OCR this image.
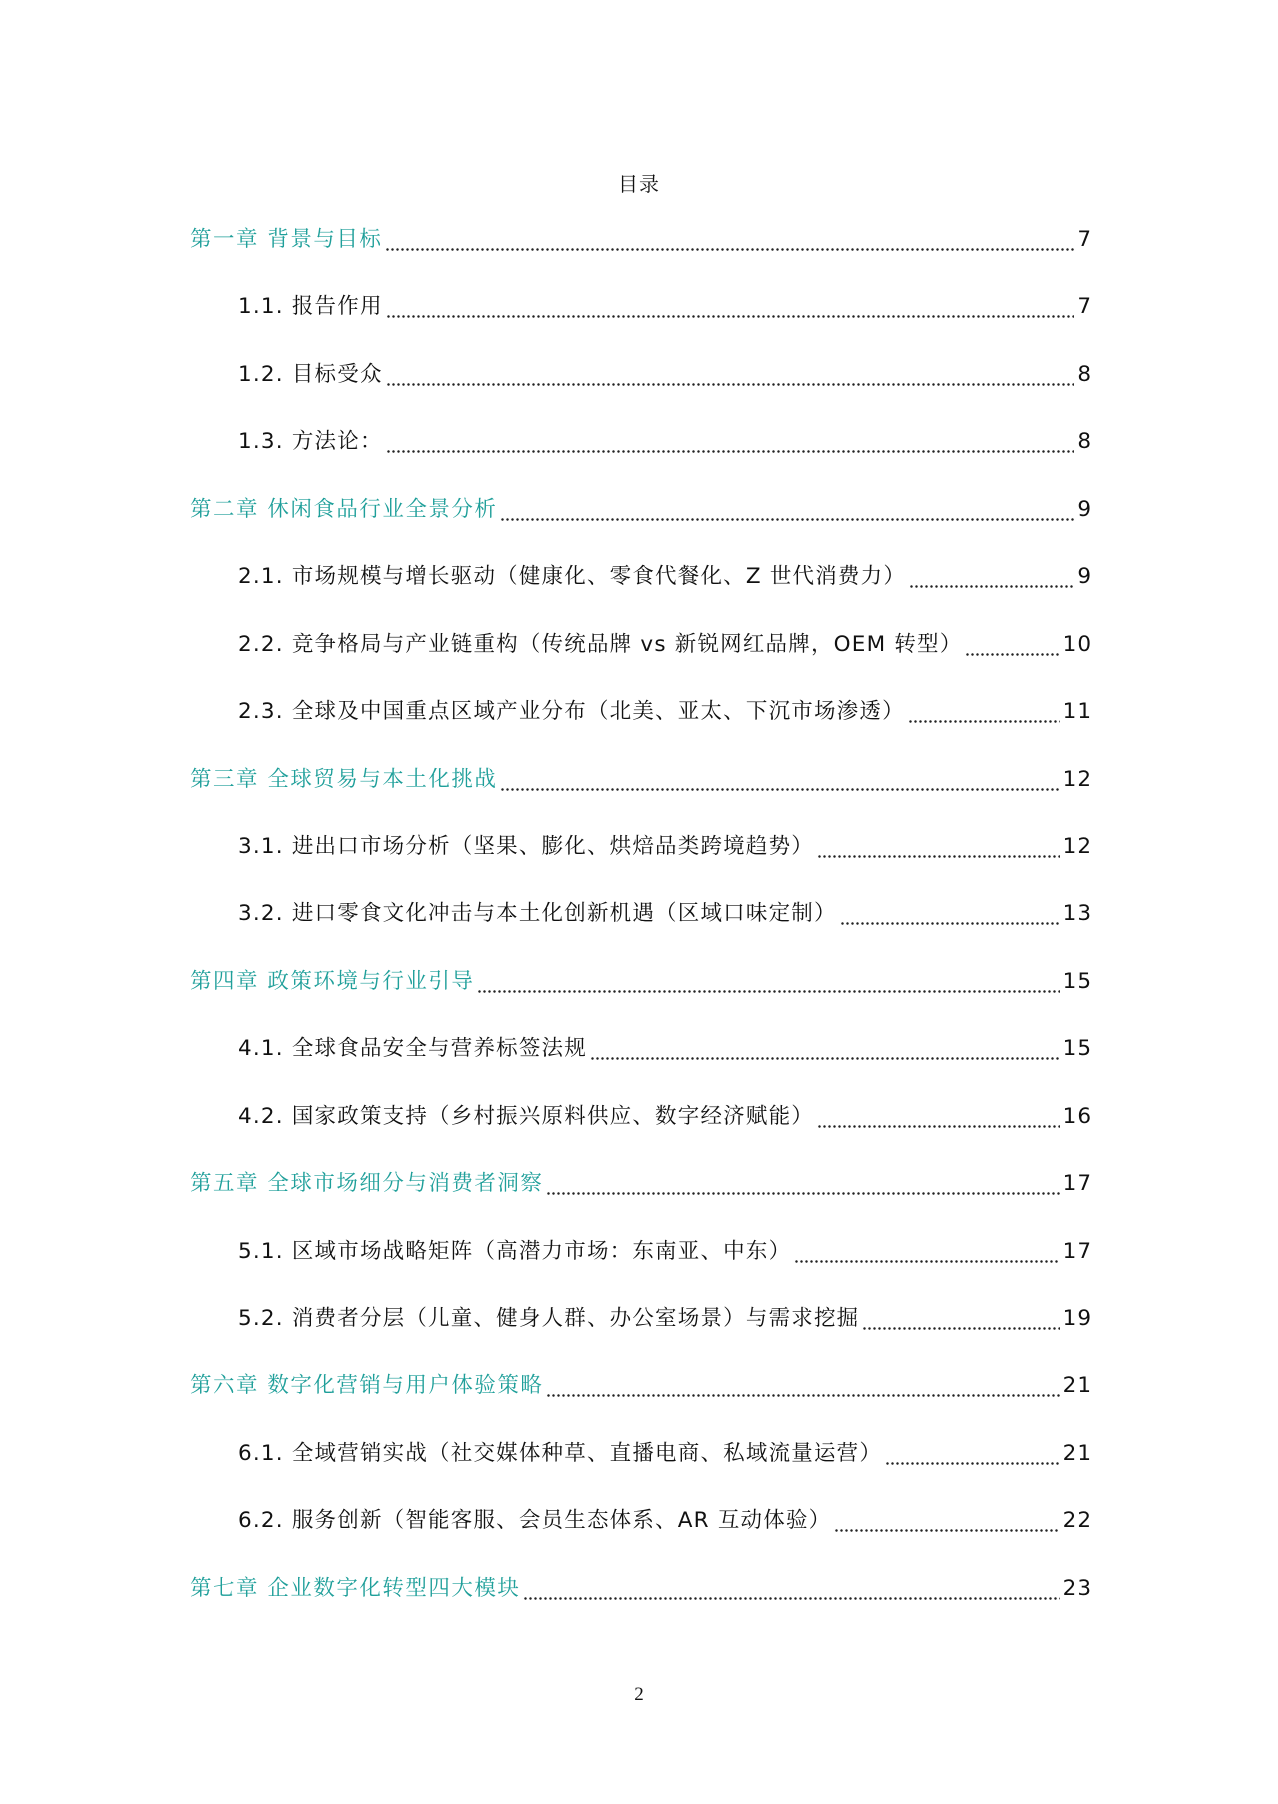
目录
第一章 背景与目标	7
1.1. 报告作用	7
1.2. 目标受众	8
1.3. 方法论：	8
第二章 休闲食品行业全景分析	9
2.1. 市场规模与增长驱动（健康化、零食代餐化、Z 世代消费力）	9
2.2. 竞争格局与产业链重构（传统品牌 vs 新锐网红品牌，OEM 转型）	10
2.3. 全球及中国重点区域产业分布（北美、亚太、下沉市场渗透）	11
第三章 全球贸易与本土化挑战	12
3.1. 进出口市场分析（坚果、膨化、烘焙品类跨境趋势）	12
3.2. 进口零食文化冲击与本土化创新机遇（区域口味定制）	13
第四章 政策环境与行业引导	15
4.1. 全球食品安全与营养标签法规	15
4.2. 国家政策支持（乡村振兴原料供应、数字经济赋能）	16
第五章 全球市场细分与消费者洞察	17
5.1. 区域市场战略矩阵（高潜力市场：东南亚、中东）	17
5.2. 消费者分层（儿童、健身人群、办公室场景）与需求挖掘	19
第六章 数字化营销与用户体验策略	21
6.1. 全域营销实战（社交媒体种草、直播电商、私域流量运营）	21
6.2. 服务创新（智能客服、会员生态体系、AR 互动体验）	22
第七章 企业数字化转型四大模块	23
2
